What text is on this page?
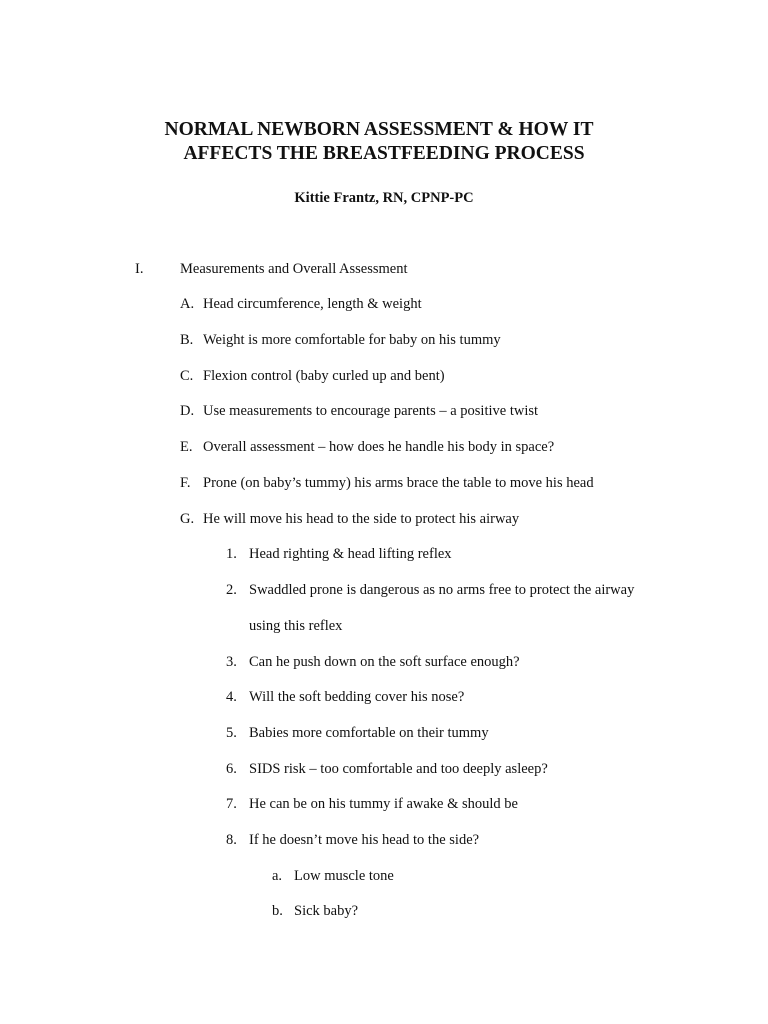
NORMAL NEWBORN ASSESSMENT & HOW IT
AFFECTS THE BREASTFEEDING PROCESS
Kittie Frantz, RN, CPNP-PC
I.	Measurements and Overall Assessment
A. Head circumference, length & weight
B. Weight is more comfortable for baby on his tummy
C. Flexion control (baby curled up and bent)
D. Use measurements to encourage parents – a positive twist
E. Overall assessment – how does he handle his body in space?
F. Prone (on baby’s tummy) his arms brace the table to move his head
G. He will move his head to the side to protect his airway
1. Head righting & head lifting reflex
2. Swaddled prone is dangerous as no arms free to protect the airway
using this reflex
3. Can he push down on the soft surface enough?
4. Will the soft bedding cover his nose?
5. Babies more comfortable on their tummy
6. SIDS risk – too comfortable and too deeply asleep?
7. He can be on his tummy if awake & should be
8. If he doesn’t move his head to the side?
a. Low muscle tone
b. Sick baby?
